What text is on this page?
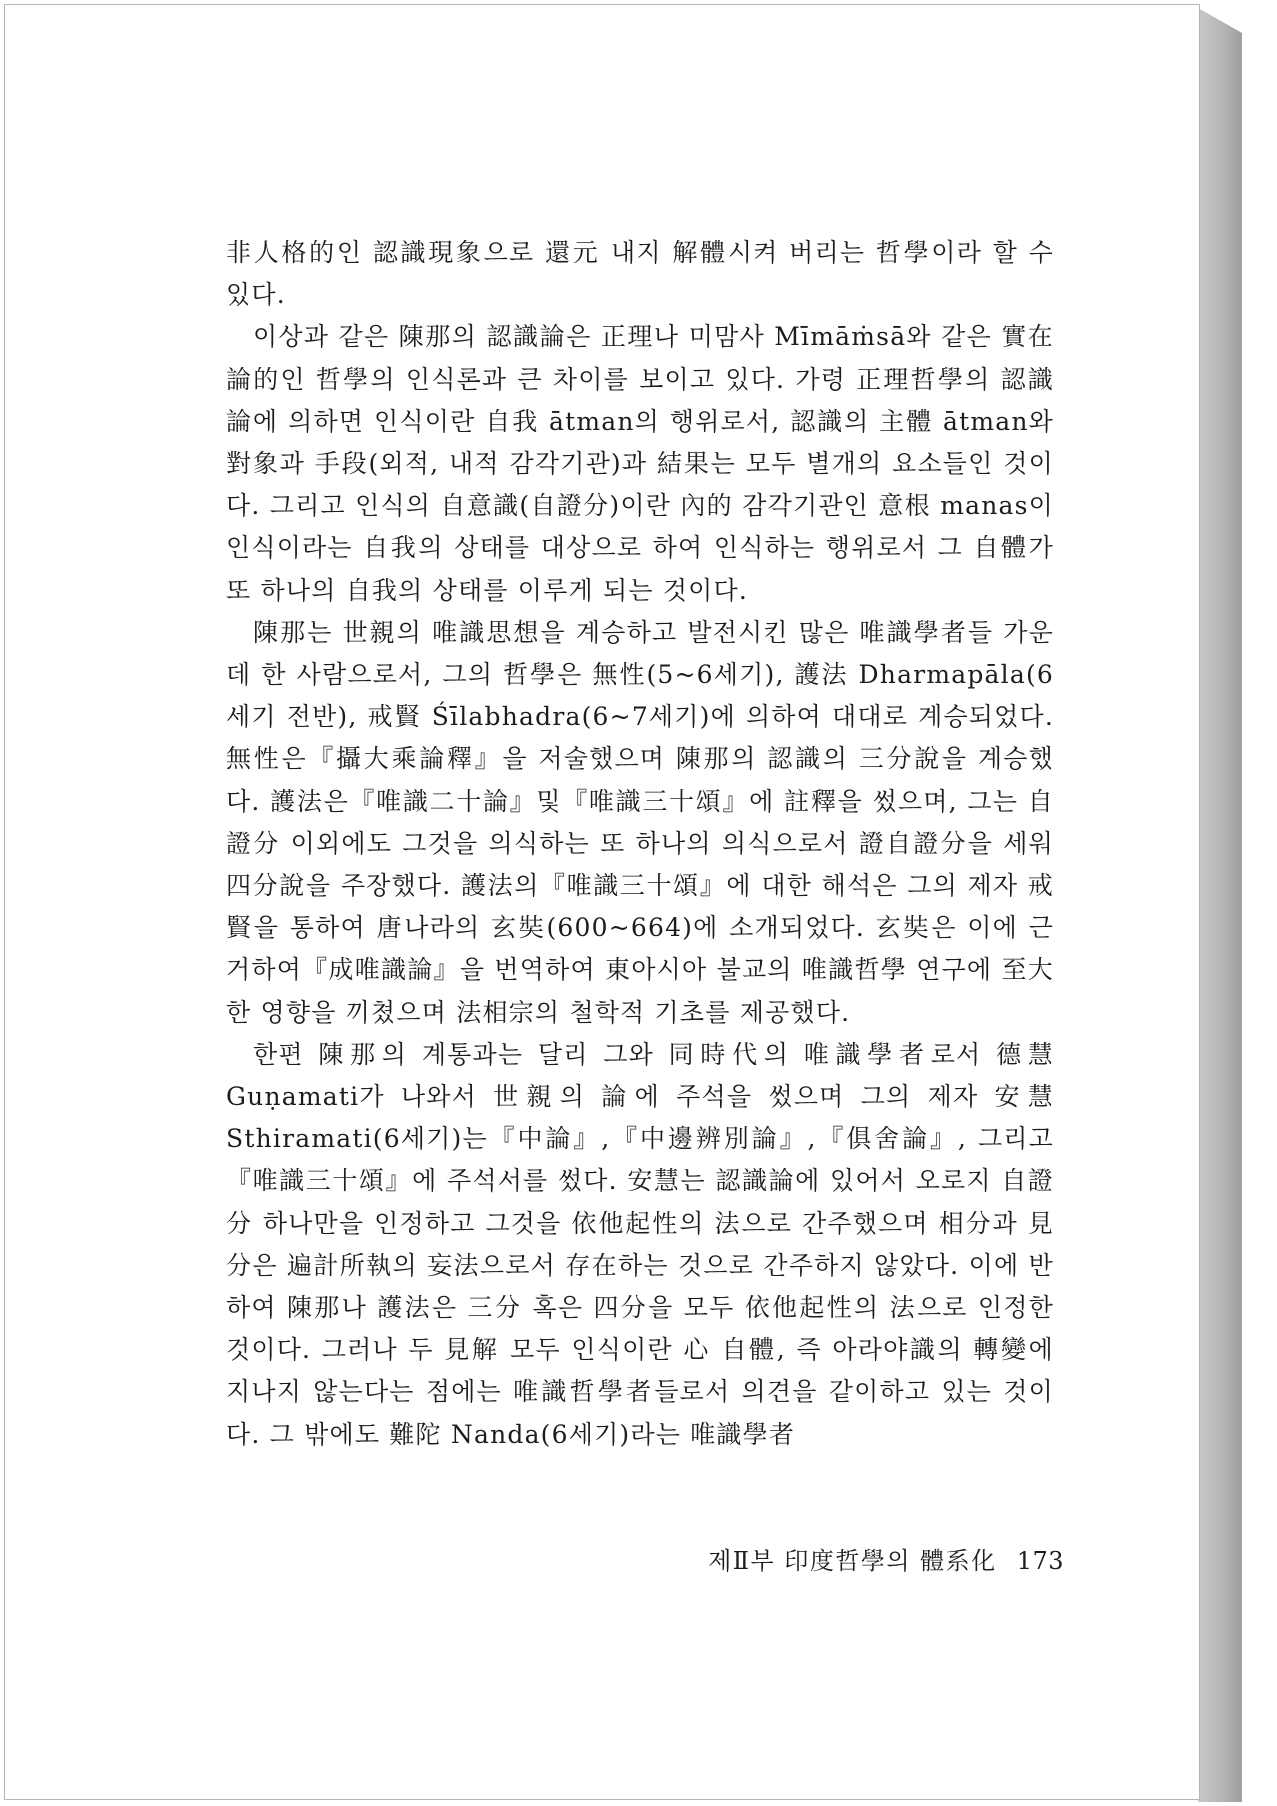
非人格的인 認識現象으로 還元 내지 解體시켜 버리는 哲學이라 할 수 있다.

이상과 같은 陳那의 認識論은 正理나 미맘사 Mīmāṁsā와 같은 實在論的인 哲學의 인식론과 큰 차이를 보이고 있다. 가령 正理哲學의 認識論에 의하면 인식이란 自我 ātman의 행위로서, 認識의 主體 ātman와 對象과 手段(외적, 내적 감각기관)과 結果는 모두 별개의 요소들인 것이다. 그리고 인식의 自意識(自證分)이란 內的 감각기관인 意根 manas이 인식이라는 自我의 상태를 대상으로 하여 인식하는 행위로서 그 自體가 또 하나의 自我의 상태를 이루게 되는 것이다.

陳那는 世親의 唯識思想을 계승하고 발전시킨 많은 唯識學者들 가운데 한 사람으로서, 그의 哲學은 無性(5~6세기), 護法 Dharmapāla(6세기 전반), 戒賢 Śīlabhadra(6~7세기)에 의하여 대대로 계승되었다. 無性은『攝大乘論釋』을 저술했으며 陳那의 認識의 三分說을 계승했다. 護法은『唯識二十論』및『唯識三十頌』에 註釋을 썼으며, 그는 自證分 이외에도 그것을 의식하는 또 하나의 의식으로서 證自證分을 세워 四分說을 주장했다. 護法의『唯識三十頌』에 대한 해석은 그의 제자 戒賢을 통하여 唐나라의 玄奘(600~664)에 소개되었다. 玄奘은 이에 근거하여『成唯識論』을 번역하여 東아시아 불교의 唯識哲學 연구에 至大한 영향을 끼쳤으며 法相宗의 철학적 기초를 제공했다.

한편 陳那의 계통과는 달리 그와 同時代의 唯識學者로서 德慧 Guṇamati가 나와서 世親의 論에 주석을 썼으며 그의 제자 安慧 Sthiramati(6세기)는『中論』,『中邊辨別論』,『俱舍論』, 그리고『唯識三十頌』에 주석서를 썼다. 安慧는 認識論에 있어서 오로지 自證分 하나만을 인정하고 그것을 依他起性의 法으로 간주했으며 相分과 見分은 遍計所執의 妄法으로서 存在하는 것으로 간주하지 않았다. 이에 반하여 陳那나 護法은 三分 혹은 四分을 모두 依他起性의 法으로 인정한 것이다. 그러나 두 見解 모두 인식이란 心 自體, 즉 아라야識의 轉變에 지나지 않는다는 점에는 唯識哲學者들로서 의견을 같이하고 있는 것이다. 그 밖에도 難陀 Nanda(6세기)라는 唯識學者

제Ⅱ부 印度哲學의 體系化 173
